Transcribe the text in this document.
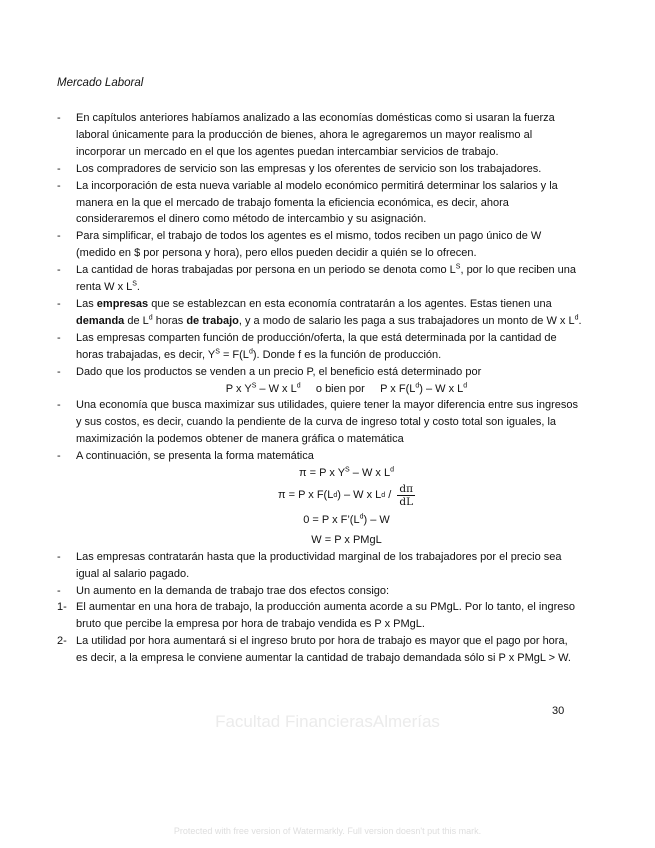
Mercado Laboral
-	En capítulos anteriores habíamos analizado a las economías domésticas como si usaran la fuerza
laboral únicamente para la producción de bienes, ahora le agregaremos un mayor realismo al
incorporar un mercado en el que los agentes puedan intercambiar servicios de trabajo.
-	Los compradores de servicio son las empresas y los oferentes de servicio son los trabajadores.
-	La incorporación de esta nueva variable al modelo económico permitirá determinar los salarios y la
manera en la que el mercado de trabajo fomenta la eficiencia económica, es decir, ahora
consideraremos el dinero como método de intercambio y su asignación.
-	Para simplificar, el trabajo de todos los agentes es el mismo, todos reciben un pago único de W
(medido en $ por persona y hora), pero ellos pueden decidir a quién se lo ofrecen.
-	La cantidad de horas trabajadas por persona en un periodo se denota como $L^S$, por lo que reciben una
renta W x $L^S$.
-	Las empresas que se establezcan en esta economía contratarán a los agentes. Estas tienen una
demanda de $L^d$ horas de trabajo, y a modo de salario les paga a sus trabajadores un monto de W x $L^d$.
-	Las empresas comparten función de producción/oferta, la que está determinada por la cantidad de
horas trabajadas, es decir, $Y^S = F(L^d)$. Donde f es la función de producción.
-	Dado que los productos se venden a un precio P, el beneficio está determinado por
P x $Y^S$ – W x $L^d$     o bien por     P x $F(L^d)$ – W x $L^d$
-	Una economía que busca maximizar sus utilidades, quiere tener la mayor diferencia entre sus ingresos
y sus costos, es decir, cuando la pendiente de la curva de ingreso total y costo total son iguales, la
maximización la podemos obtener de manera gráfica o matemática
-	A continuación, se presenta la forma matemática
π = P x $Y^S$ – W x $L^d$
π = P x F(L d ) – W x L d / $\frac{d\pi}{dL}$
0 = P x $F’(L^d)$ – W
W = P x PMgL
-	Las empresas contratarán hasta que la productividad marginal de los trabajadores por el precio sea
igual al salario pagado.
-	Un aumento en la demanda de trabajo trae dos efectos consigo:
1- El aumentar en una hora de trabajo, la producción aumenta acorde a su PMgL. Por lo tanto, el ingreso
bruto que percibe la empresa por hora de trabajo vendida es P x PMgL.
2- La utilidad por hora aumentará si el ingreso bruto por hora de trabajo es mayor que el pago por hora,
es decir, a la empresa le conviene aumentar la cantidad de trabajo demandada sólo si P x PMgL > W.
30
Facultad FinancierasAlmerías
Protected with free version of Watermarkly. Full version doesn't put this mark.
